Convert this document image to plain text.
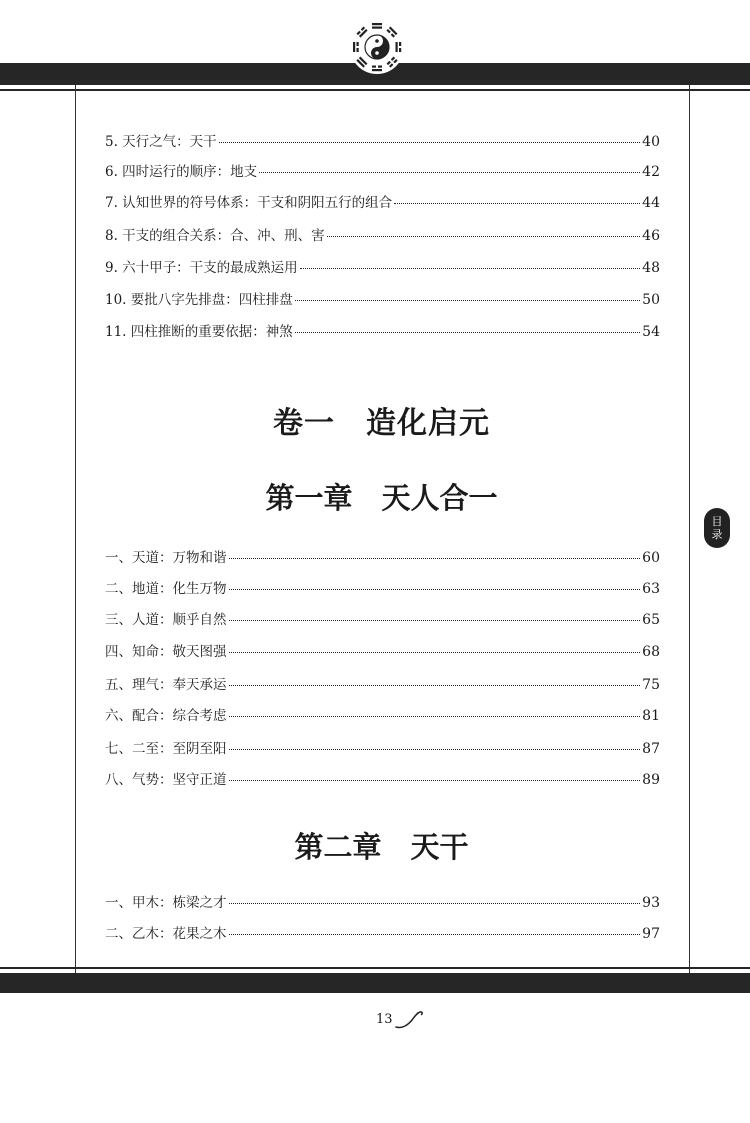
5. 天行之气：天干	40
6. 四时运行的顺序：地支	42
7. 认知世界的符号体系：干支和阴阳五行的组合	44
8. 干支的组合关系：合、冲、刑、害	46
9. 六十甲子：干支的最成熟运用	48
10. 要批八字先排盘：四柱排盘	50
11. 四柱推断的重要依据：神煞	54
卷一　造化启元
第一章　天人合一
一、天道：万物和谐	60
二、地道：化生万物	63
三、人道：顺乎自然	65
四、知命：敬天图强	68
五、理气：奉天承运	75
六、配合：综合考虑	81
七、二至：至阴至阳	87
八、气势：坚守正道	89
第二章　天干
一、甲木：栋梁之才	93
二、乙木：花果之木	97
目
录
13
